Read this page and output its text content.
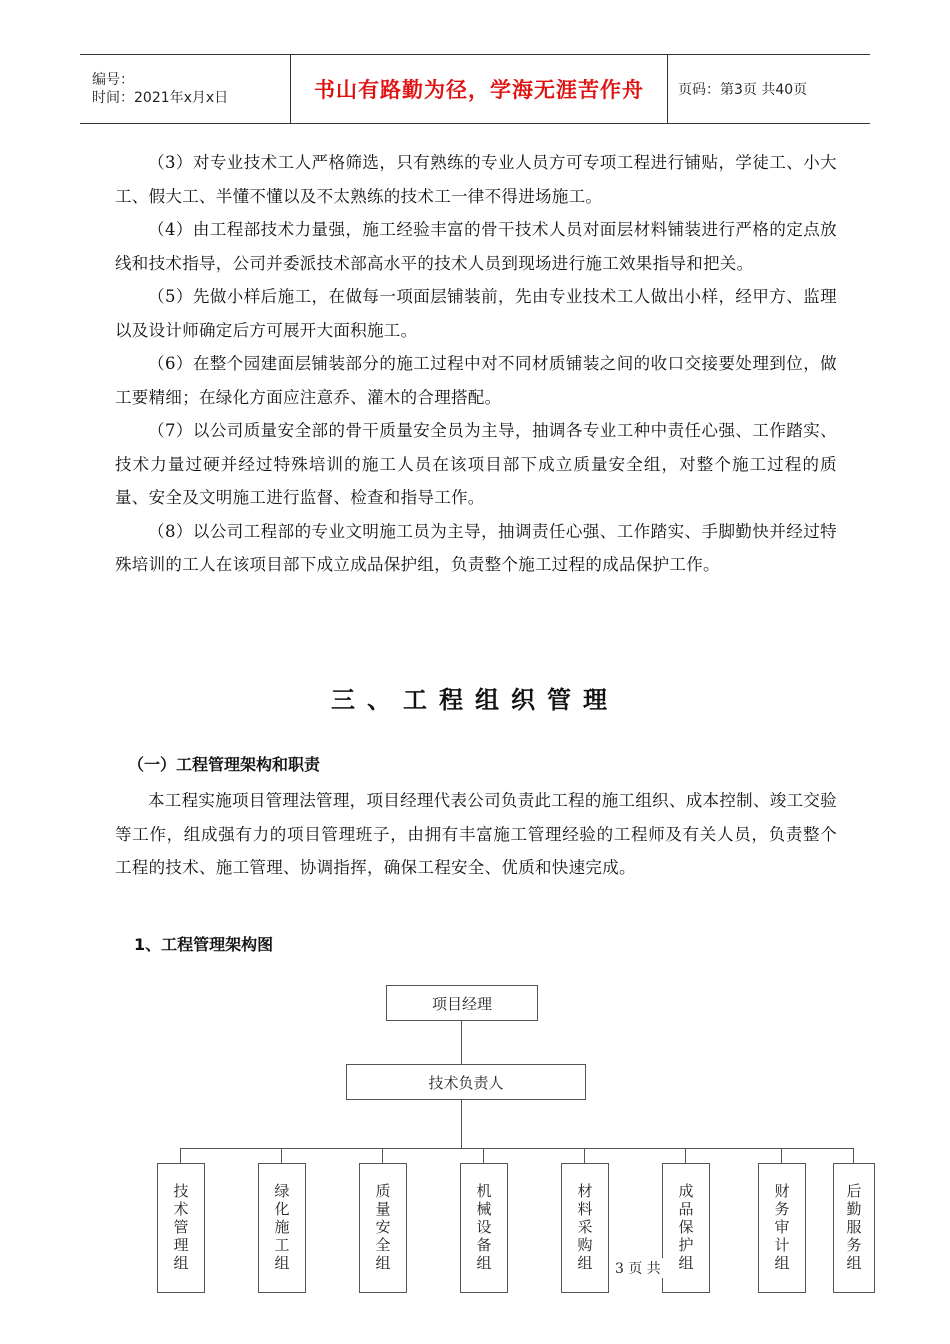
编号：
时间：2021年x月x日	书山有路勤为径，学海无涯苦作舟	页码：第3页 共40页

（3）对专业技术工人严格筛选，只有熟练的专业人员方可专项工程进行铺贴，学徒工、小大工、假大工、半懂不懂以及不太熟练的技术工一律不得进场施工。

（4）由工程部技术力量强，施工经验丰富的骨干技术人员对面层材料铺装进行严格的定点放线和技术指导，公司并委派技术部高水平的技术人员到现场进行施工效果指导和把关。

（5）先做小样后施工，在做每一项面层铺装前，先由专业技术工人做出小样，经甲方、监理以及设计师确定后方可展开大面积施工。

（6）在整个园建面层铺装部分的施工过程中对不同材质铺装之间的收口交接要处理到位，做工要精细；在绿化方面应注意乔、灌木的合理搭配。

（7）以公司质量安全部的骨干质量安全员为主导，抽调各专业工种中责任心强、工作踏实、技术力量过硬并经过特殊培训的施工人员在该项目部下成立质量安全组，对整个施工过程的质量、安全及文明施工进行监督、检查和指导工作。

（8）以公司工程部的专业文明施工员为主导，抽调责任心强、工作踏实、手脚勤快并经过特殊培训的工人在该项目部下成立成品保护组，负责整个施工过程的成品保护工作。

三、工程组织管理
（一）工程管理架构和职责

本工程实施项目管理法管理，项目经理代表公司负责此工程的施工组织、成本控制、竣工交验等工作，组成强有力的项目管理班子，由拥有丰富施工管理经验的工程师及有关人员，负责整个工程的技术、施工管理、协调指挥，确保工程安全、优质和快速完成。

1、工程管理架构图
项目经理
技术负责人
技术管理组	绿化施工组	质量安全组	机械设备组	材料采购组	成品保护组	财务审计组	后勤服务组
3 页 共
